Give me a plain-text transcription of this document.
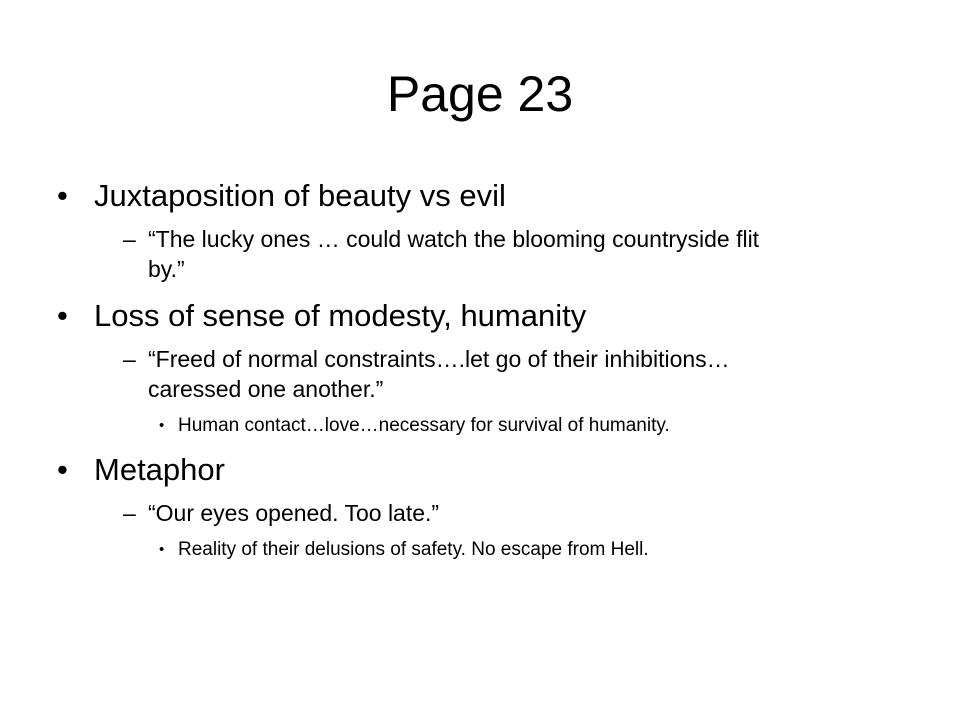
Page 23
• Juxtaposition of beauty vs evil
– “The lucky ones … could watch the blooming countryside flit by.”
• Loss of sense of modesty, humanity
– “Freed of normal constraints….let go of their inhibitions…caressed one another.”
• Human contact…love…necessary for survival of humanity.
• Metaphor
– “Our eyes opened. Too late.”
• Reality of their delusions of safety. No escape from Hell.
